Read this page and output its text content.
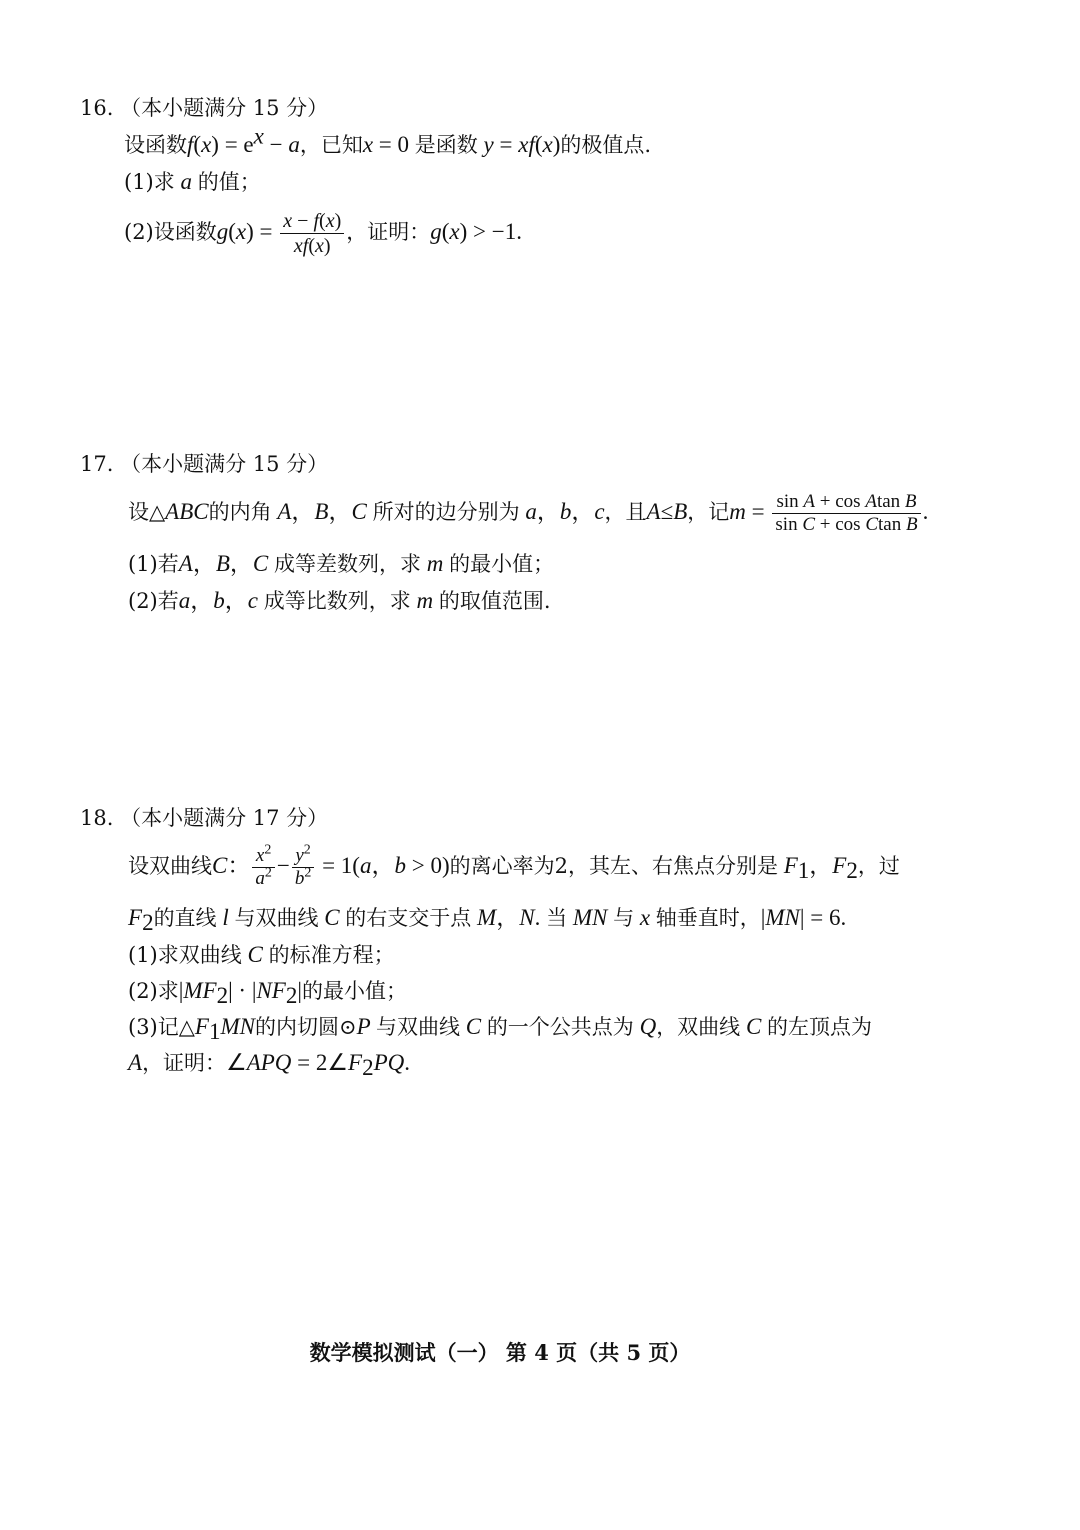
16. （本小题满分 15 分）
设函数$f(x) = e^x - a$，已知x = 0 是函数 y = xf(x)的极值点.
(1)求 a 的值；
(2)设函数$g(x) = \frac{x - f(x)}{xf(x)}$ ，证明：g(x) > −1.
17. （本小题满分 15 分）
设△ABC的内角 A，B，C 所对的边分别为 a，b，c，且A≤B，记$m = \frac{\text{sin A + cos Atan B}}{\text{sin C + cos Ctan B}}$ .
(1)若A，B，C 成等差数列，求 m 的最小值；
(2)若a，b，c 成等比数列，求 m 的取值范围.
18. （本小题满分 17 分）
设双曲线C： $\frac{x^2}{a^2} - \frac{y^2}{b^2} = 1(a$，b > 0)的离心率为2，其左、右焦点分别是 $F_1$，$F_2$，过
$F_2$的直线 l 与双曲线 C 的右支交于点 M，N. 当 MN 与 x 轴垂直时，|MN| = 6.
(1)求双曲线 C 的标准方程；
(2)求$|MF_2| \cdot |NF_2|$的最小值；
(3)记$\triangle F_1MN$的内切圆⊙P 与双曲线 C 的一个公共点为 Q，双曲线 C 的左顶点为
A，证明：∠APQ = $2\angle F_2PQ$.
数学模拟测试（一） 第 4 页（共 5 页）
